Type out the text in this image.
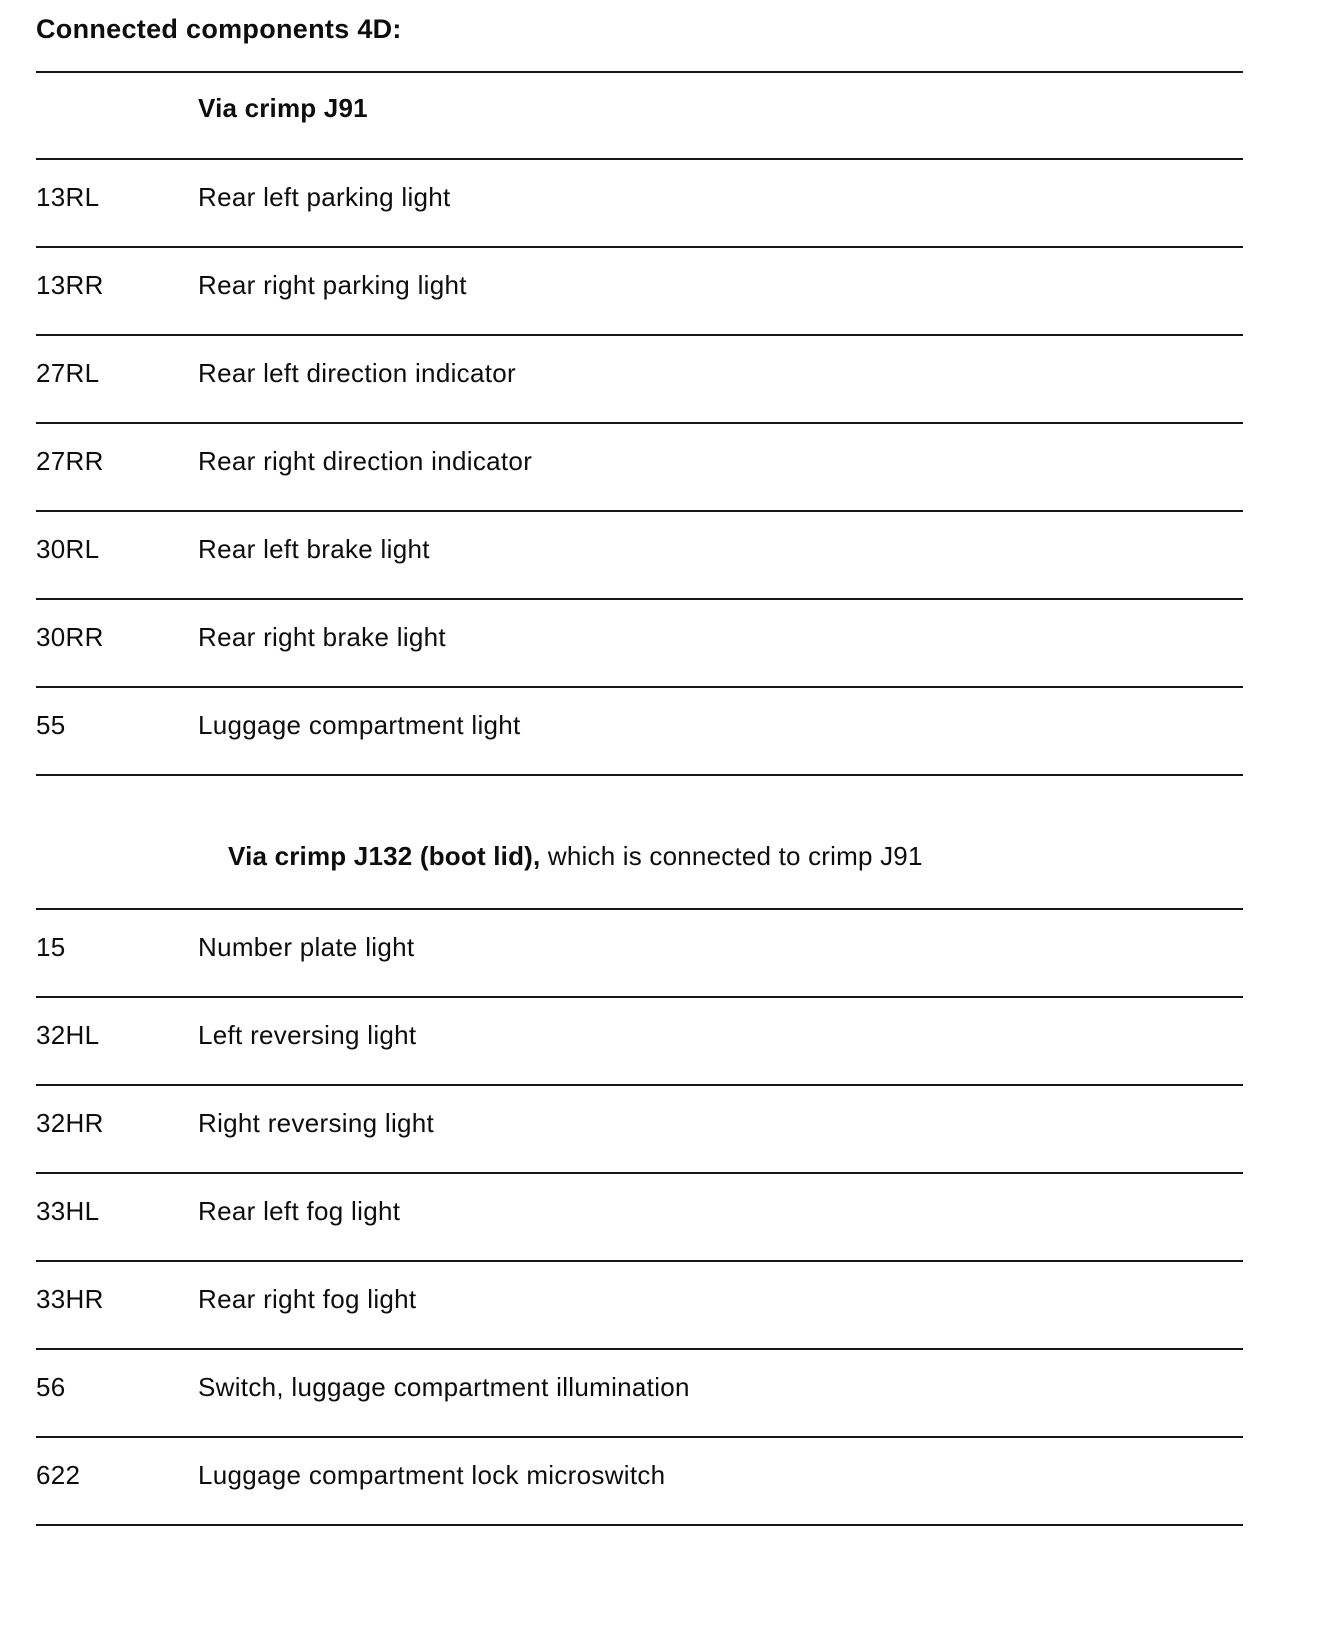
Connected components 4D:
Via crimp J91
13RL	Rear left parking light
13RR	Rear right parking light
27RL	Rear left direction indicator
27RR	Rear right direction indicator
30RL	Rear left brake light
30RR	Rear right brake light
55	Luggage compartment light
Via crimp J132 (boot lid), which is connected to crimp J91
15	Number plate light
32HL	Left reversing light
32HR	Right reversing light
33HL	Rear left fog light
33HR	Rear right fog light
56	Switch, luggage compartment illumination
622	Luggage compartment lock microswitch
